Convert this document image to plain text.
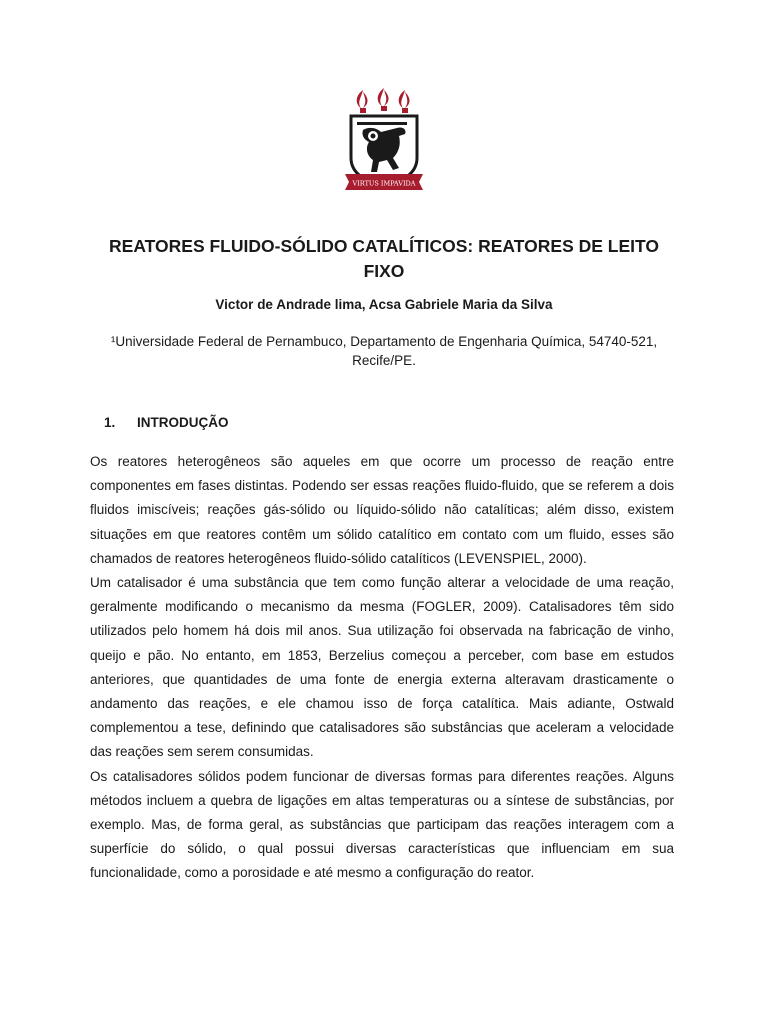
VIRTUS IMPAVIDA
REATORES FLUIDO-SÓLIDO CATALÍTICOS: REATORES DE LEITO
FIXO

Victor de Andrade lima, Acsa Gabriele Maria da Silva

¹Universidade Federal de Pernambuco, Departamento de Engenharia Química, 54740-521,
Recife/PE.

1. INTRODUÇÃO

Os reatores heterogêneos são aqueles em que ocorre um processo de reação entre componentes em fases distintas. Podendo ser essas reações fluido-fluido, que se referem a dois fluidos imiscíveis; reações gás-sólido ou líquido-sólido não catalíticas; além disso, existem situações em que reatores contêm um sólido catalítico em contato com um fluido, esses são chamados de reatores heterogêneos fluido-sólido catalíticos (LEVENSPIEL, 2000).

Um catalisador é uma substância que tem como função alterar a velocidade de uma reação, geralmente modificando o mecanismo da mesma (FOGLER, 2009). Catalisadores têm sido utilizados pelo homem há dois mil anos. Sua utilização foi observada na fabricação de vinho, queijo e pão. No entanto, em 1853, Berzelius começou a perceber, com base em estudos anteriores, que quantidades de uma fonte de energia externa alteravam drasticamente o andamento das reações, e ele chamou isso de força catalítica. Mais adiante, Ostwald complementou a tese, definindo que catalisadores são substâncias que aceleram a velocidade das reações sem serem consumidas.

Os catalisadores sólidos podem funcionar de diversas formas para diferentes reações. Alguns métodos incluem a quebra de ligações em altas temperaturas ou a síntese de substâncias, por exemplo. Mas, de forma geral, as substâncias que participam das reações interagem com a superfície do sólido, o qual possui diversas características que influenciam em sua funcionalidade, como a porosidade e até mesmo a configuração do reator.
